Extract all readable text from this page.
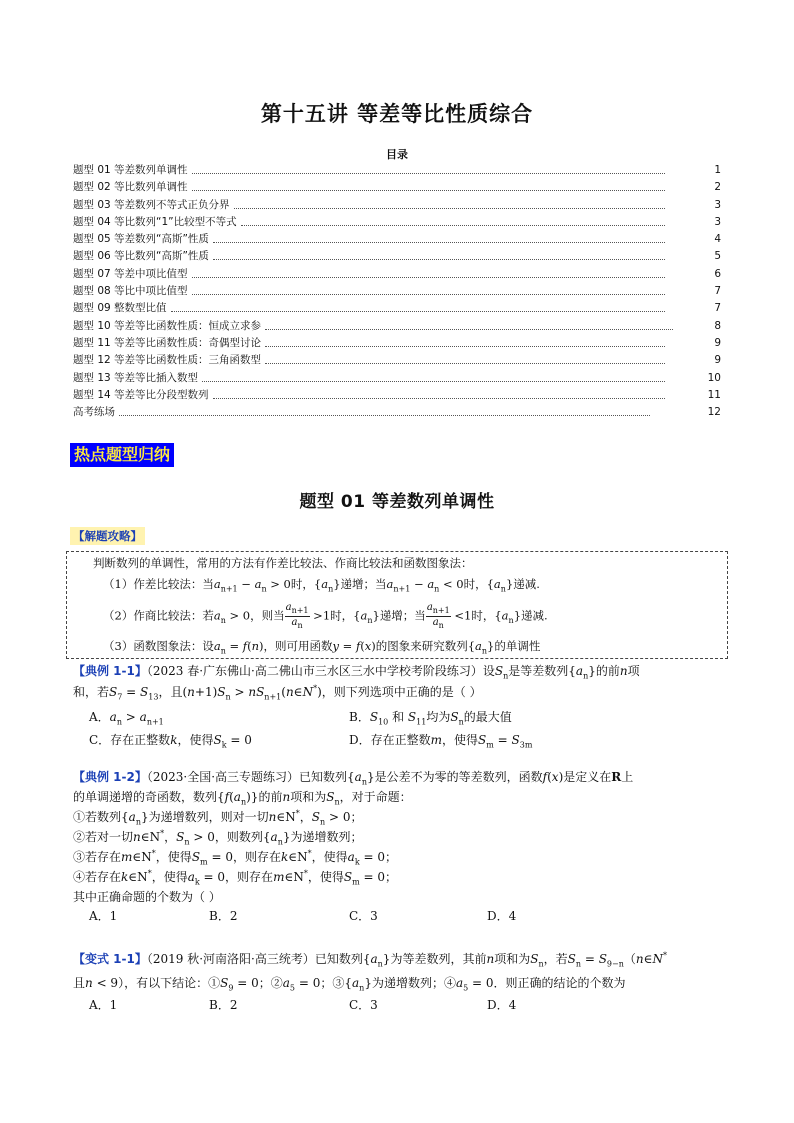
第十五讲 等差等比性质综合
目录
题型 01 等差数列单调性	1
题型 02 等比数列单调性	2
题型 03 等差数列不等式正负分界	3
题型 04 等比数列“1”比较型不等式	3
题型 05 等差数列“高斯”性质	4
题型 06 等比数列“高斯”性质	5
题型 07 等差中项比值型	6
题型 08 等比中项比值型	7
题型 09 整数型比值	7
题型 10 等差等比函数性质：恒成立求参	8
题型 11 等差等比函数性质：奇偶型讨论	9
题型 12 等差等比函数性质：三角函数型	9
题型 13 等差等比插入数型	10
题型 14 等差等比分段型数列	11
高考练场	12
热点题型归纳
题型 01 等差数列单调性
【解题攻略】
判断数列的单调性，常用的方法有作差比较法、作商比较法和函数图象法：
（1）作差比较法：当$a_{n+1} - a_n > 0$时，$\{a_n\}$递增；当$a_{n+1} - a_n < 0$时，$\{a_n\}$递减.
（2）作商比较法：若$a_n > 0$，则当 $\frac{a_{n+1}}{a_n} >1$时，$\{a_n\}$递增；当 $\frac{a_{n+1}}{a_n} <1$时，$\{a_n\}$递减.
（3）函数图象法：设$a_n = f(n)$，则可用函数y = f(x)的图象来研究数列$\{a_n\}$的单调性
【典例 1-1】（2023 春·广东佛山·高二佛山市三水区三水中学校考阶段练习）设$S_n$是等差数列$\{a_n\}$的前n项
和，若$S_7 = S_{13}$，且$(n+1)S_n$ > $nS_{n+1}(n\in N^*)$，则下列选项中正确的是（ ）
A．$a_n > a_{n+1}$	B．$S_{10}$ 和 $S_{11}$均为$S_n$的最大值
C．存在正整数k，使得$S_k = 0$	D．存在正整数m，使得$S_m = S_{3m}$
【典例 1-2】（2023·全国·高三专题练习）已知数列$\{a_n\}$是公差不为零的等差数列，函数f(x)是定义在R上
的单调递增的奇函数，数列$\{f(a_n)\}$的前n项和为$S_n$，对于命题：
①若数列$\{a_n\}$为递增数列，则对一切n∈N*，$S_n > 0$；
②若对一切n∈N*，$S_n > 0$，则数列$\{a_n\}$为递增数列；
③若存在m∈N*，使得$S_m = 0$，则存在k∈N*，使得$a_k = 0$；
④若存在k∈N*，使得$a_k = 0$，则存在m∈N*，使得$S_m = 0$；
其中正确命题的个数为（ ）
A．1	B．2	C．3	D．4
【变式 1-1】（2019 秋·河南洛阳·高三统考）已知数列$\{a_n\}$为等差数列，其前n项和为$S_n$，若$S_n$ = $S_{9-n}(n\in N^*$
且n < 9），有以下结论：$①S_9 = 0$；$②a_5 = 0$；$③\{a_n\}$为递增数列；$④a_5 = 0$．则正确的结论的个数为
A．1	B．2	C．3	D．4
